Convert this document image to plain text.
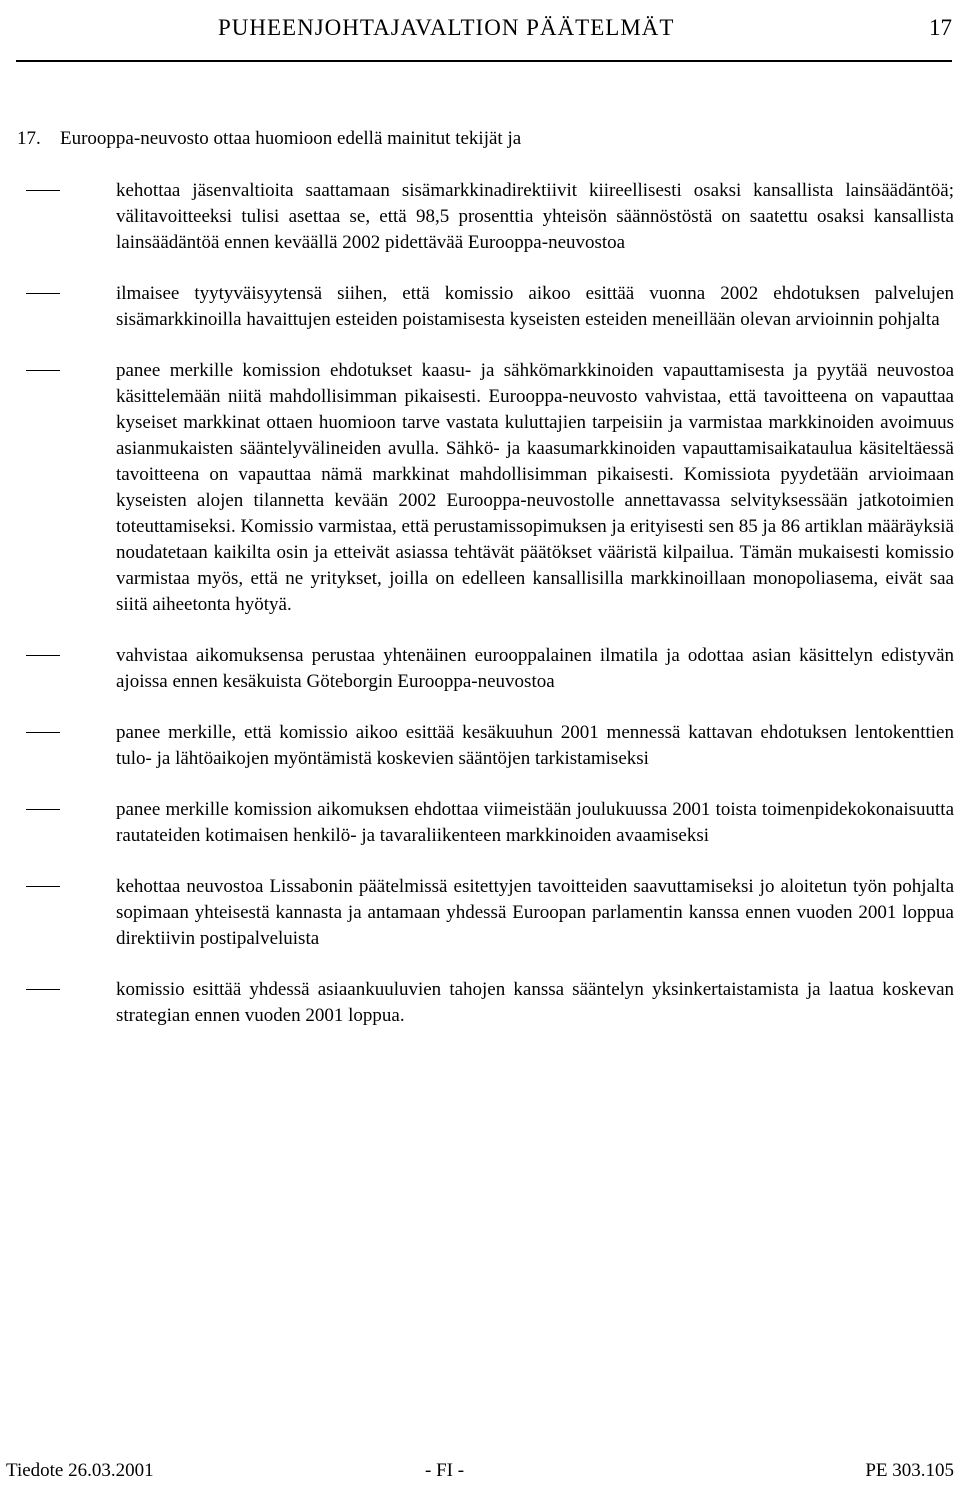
PUHEENJOHTAJAVALTION PÄÄTELMÄT	17
17. Eurooppa-neuvosto ottaa huomioon edellä mainitut tekijät ja
kehottaa jäsenvaltioita saattamaan sisämarkkinadirektiivit kiireellisesti osaksi kansallista lainsäädäntöä; välitavoitteeksi tulisi asettaa se, että 98,5 prosenttia yhteisön säännöstöstä on saatettu osaksi kansallista lainsäädäntöä ennen keväällä 2002 pidettävää Eurooppa-neuvostoa
ilmaisee tyytyväisyytensä siihen, että komissio aikoo esittää vuonna 2002 ehdotuksen palvelujen sisämarkkinoilla havaittujen esteiden poistamisesta kyseisten esteiden meneillään olevan arvioinnin pohjalta
panee merkille komission ehdotukset kaasu- ja sähkömarkkinoiden vapauttamisesta ja pyytää neuvostoa käsittelemään niitä mahdollisimman pikaisesti. Eurooppa-neuvosto vahvistaa, että tavoitteena on vapauttaa kyseiset markkinat ottaen huomioon tarve vastata kuluttajien tarpeisiin ja varmistaa markkinoiden avoimuus asianmukaisten sääntelyvälineiden avulla. Sähkö- ja kaasumarkkinoiden vapauttamisaikataulua käsiteltäessä tavoitteena on vapauttaa nämä markkinat mahdollisimman pikaisesti. Komissiota pyydetään arvioimaan kyseisten alojen tilannetta kevään 2002 Eurooppa-neuvostolle annettavassa selvityksessään jatkotoimien toteuttamiseksi. Komissio varmistaa, että perustamissopimuksen ja erityisesti sen 85 ja 86 artiklan määräyksiä noudatetaan kaikilta osin ja etteivät asiassa tehtävät päätökset vääristä kilpailua. Tämän mukaisesti komissio varmistaa myös, että ne yritykset, joilla on edelleen kansallisilla markkinoillaan monopoliasema, eivät saa siitä aiheetonta hyötyä.
vahvistaa aikomuksensa perustaa yhtenäinen eurooppalainen ilmatila ja odottaa asian käsittelyn edistyvän ajoissa ennen kesäkuista Göteborgin Eurooppa-neuvostoa
panee merkille, että komissio aikoo esittää kesäkuuhun 2001 mennessä kattavan ehdotuksen lentokenttien tulo- ja lähtöaikojen myöntämistä koskevien sääntöjen tarkistamiseksi
panee merkille komission aikomuksen ehdottaa viimeistään joulukuussa 2001 toista toimenpidekokonaisuutta rautateiden kotimaisen henkilö- ja tavaraliikenteen markkinoiden avaamiseksi
kehottaa neuvostoa Lissabonin päätelmissä esitettyjen tavoitteiden saavuttamiseksi jo aloitetun työn pohjalta sopimaan yhteisestä kannasta ja antamaan yhdessä Euroopan parlamentin kanssa ennen vuoden 2001 loppua direktiivin postipalveluista
komissio esittää yhdessä asiaankuuluvien tahojen kanssa sääntelyn yksinkertaistamista ja laatua koskevan strategian ennen vuoden 2001 loppua.
Tiedote 26.03.2001	- FI -	PE 303.105
